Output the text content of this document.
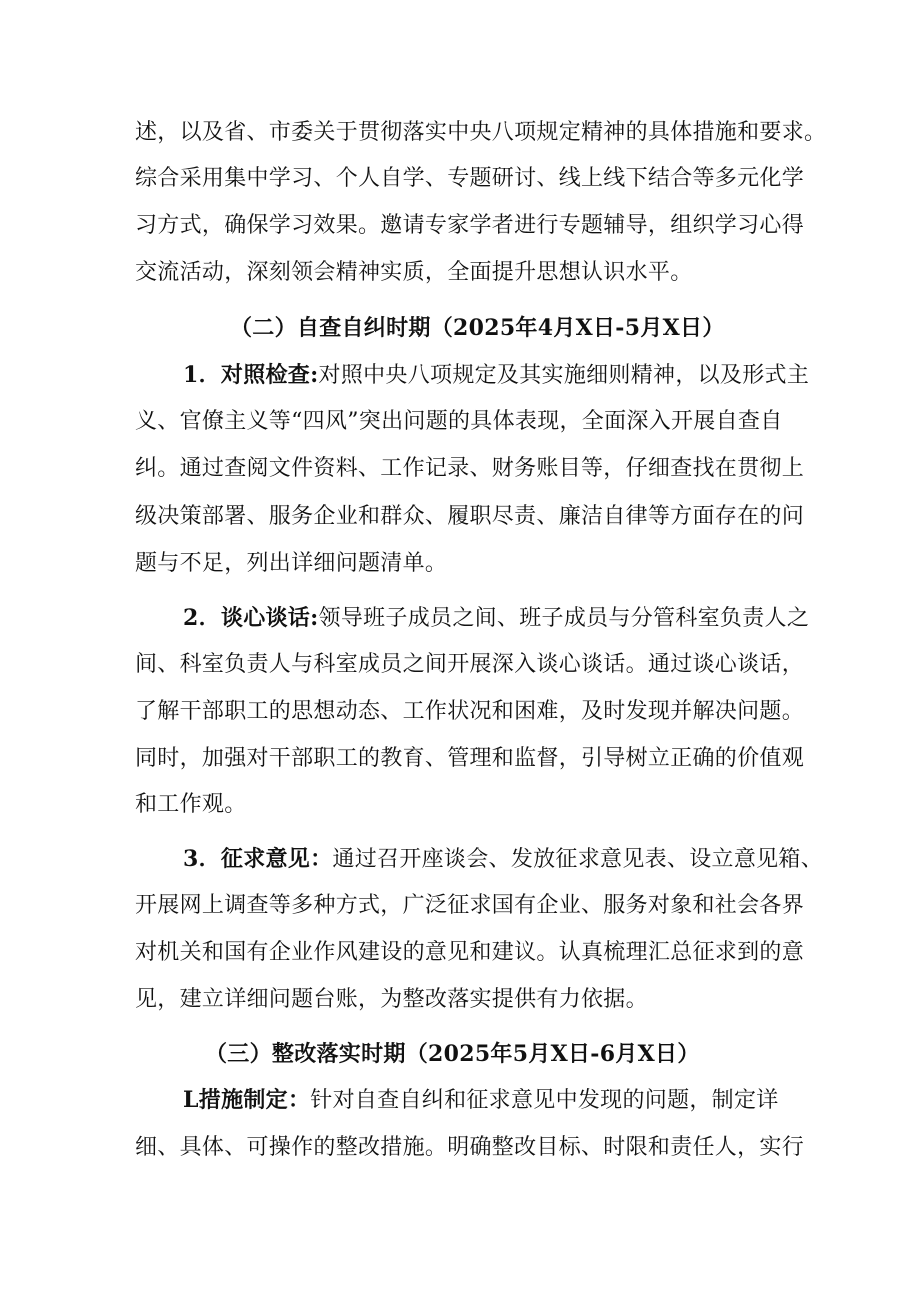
述，以及省、市委关于贯彻落实中央八项规定精神的具体措施和要求。
综合采用集中学习、个人自学、专题研讨、线上线下结合等多元化学
习方式，确保学习效果。邀请专家学者进行专题辅导，组织学习心得
交流活动，深刻领会精神实质，全面提升思想认识水平。
（二）自查自纠时期（2025年4月X日-5月X日）
1．对照检查:对照中央八项规定及其实施细则精神，以及形式主
义、官僚主义等“四风”突出问题的具体表现，全面深入开展自查自
纠。通过查阅文件资料、工作记录、财务账目等，仔细查找在贯彻上
级决策部署、服务企业和群众、履职尽责、廉洁自律等方面存在的问
题与不足，列出详细问题清单。
2．谈心谈话:领导班子成员之间、班子成员与分管科室负责人之
间、科室负责人与科室成员之间开展深入谈心谈话。通过谈心谈话，
了解干部职工的思想动态、工作状况和困难，及时发现并解决问题。
同时，加强对干部职工的教育、管理和监督，引导树立正确的价值观
和工作观。
3．征求意见：通过召开座谈会、发放征求意见表、设立意见箱、
开展网上调查等多种方式，广泛征求国有企业、服务对象和社会各界
对机关和国有企业作风建设的意见和建议。认真梳理汇总征求到的意
见，建立详细问题台账，为整改落实提供有力依据。
（三）整改落实时期（2025年5月X日-6月X日）
L措施制定：针对自查自纠和征求意见中发现的问题，制定详
细、具体、可操作的整改措施。明确整改目标、时限和责任人，实行
